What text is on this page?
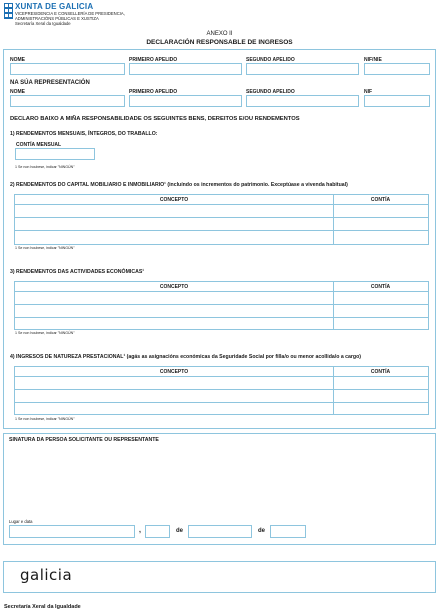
XUNTA DE GALICIA
VICEPRESIDENCIA E CONSELLERÍA DE PRESIDENCIA,
ADMINISTRACIÓNS PÚBLICAS E XUSTIZA
Secretaría Xeral da Igualdade
ANEXO II
DECLARACIÓN RESPONSABLE DE INGRESOS
NOME	PRIMEIRO APELIDO	SEGUNDO APELIDO	NIF/NIE
NA SÚA REPRESENTACIÓN
NOME	PRIMEIRO APELIDO	SEGUNDO APELIDO	NIF
DECLARO BAIXO A MIÑA RESPONSABILIDADE OS SEGUINTES BENS, DEREITOS E/OU RENDEMENTOS
1) RENDEMENTOS MENSUAIS, ÍNTEGROS, DO TRABALLO:
CONTÍA MENSUAL
1 Se non houbese, indicar "NINGÚN"
2) RENDEMENTOS DO CAPITAL MOBILIARIO E INMOBILIARIO¹ (incluíndo os incrementos do patrimonio. Exceptúase a vivenda habitual)
CONCEPTO	CONTÍA
1 Se non houbese, indicar "NINGÚN"
3) RENDEMENTOS DAS ACTIVIDADES ECONÓMICAS¹
CONCEPTO	CONTÍA
1 Se non houbese, indicar "NINGÚN"
4) INGRESOS DE NATUREZA PRESTACIONAL¹ (agás as asignacións económicas da Seguridade Social por filla/o ou menor acollida/o a cargo)
CONCEPTO	CONTÍA
1 Se non houbese, indicar "NINGÚN"
SINATURA DA PERSOA SOLICITANTE OU REPRESENTANTE
Lugar e data
,	de	de
galicia
Secretaría Xeral da Igualdade
